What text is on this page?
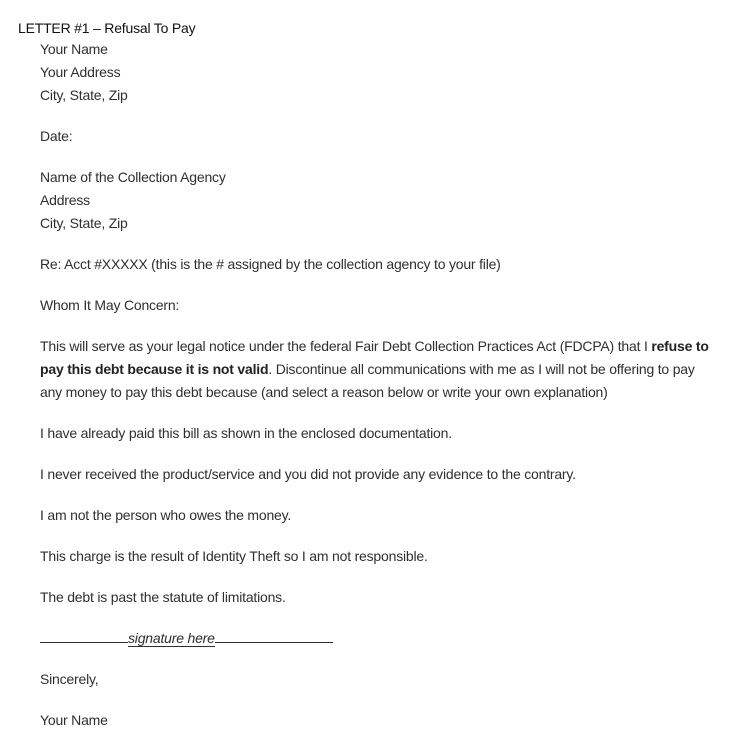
LETTER #1 – Refusal To Pay
Your Name
Your Address
City, State, Zip
Date:
Name of the Collection Agency
Address
City, State, Zip
Re: Acct #XXXXX (this is the # assigned by the collection agency to your file)
Whom It May Concern:
This will serve as your legal notice under the federal Fair Debt Collection Practices Act (FDCPA) that I refuse to pay this debt because it is not valid. Discontinue all communications with me as I will not be offering to pay any money to pay this debt because (and select a reason below or write your own explanation)
I have already paid this bill as shown in the enclosed documentation.
I never received the product/service and you did not provide any evidence to the contrary.
I am not the person who owes the money.
This charge is the result of Identity Theft so I am not responsible.
The debt is past the statute of limitations.
signature here
Sincerely,
Your Name
